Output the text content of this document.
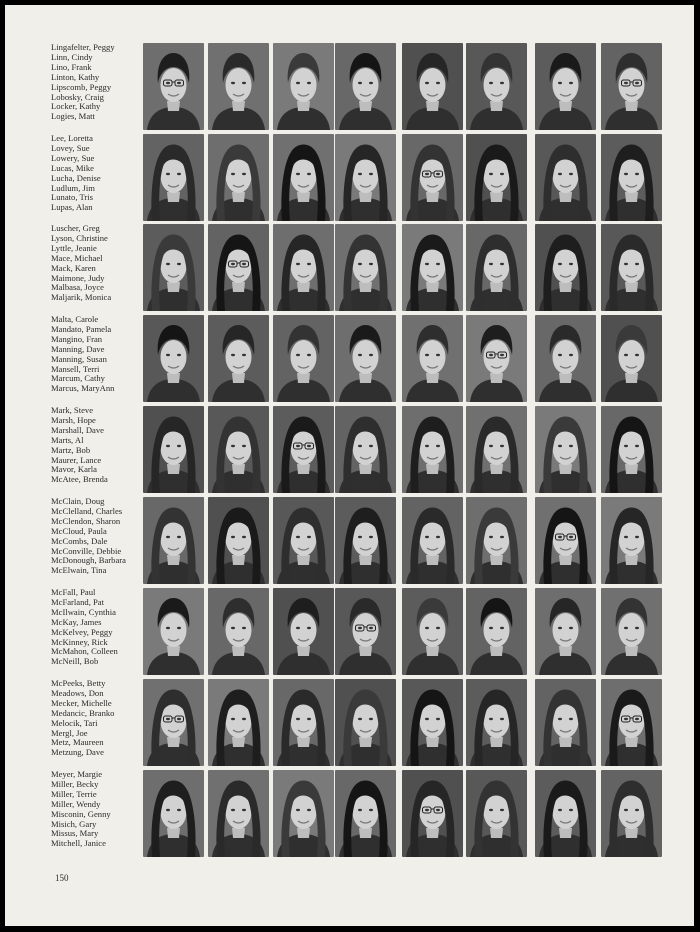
Lingafelter, Peggy
Linn, Cindy
Lino, Frank
Linton, Kathy
Lipscomb, Peggy
Lobosky, Craig
Locker, Kathy
Logies, Matt
Lee, Loretta
Lovey, Sue
Lowery, Sue
Lucas, Mike
Lucha, Denise
Ludlum, Jim
Lunato, Tris
Lupas, Alan
Luscher, Greg
Lyson, Christine
Lyttle, Jeanie
Mace, Michael
Mack, Karen
Maimone, Judy
Malbasa, Joyce
Maljarik, Monica
Malta, Carole
Mandato, Pamela
Mangino, Fran
Manning, Dave
Manning, Susan
Mansell, Terri
Marcum, Cathy
Marcus, MaryAnn
Mark, Steve
Marsh, Hope
Marshall, Dave
Marts, Al
Martz, Bob
Maurer, Lance
Mavor, Karla
McAtee, Brenda
McClain, Doug
McClelland, Charles
McClendon, Sharon
McCloud, Paula
McCombs, Dale
McConville, Debbie
McDonough, Barbara
McElwain, Tina
McFall, Paul
McFarland, Pat
McIlwain, Cynthia
McKay, James
McKelvey, Peggy
McKinney, Rick
McMahon, Colleen
McNeill, Bob
McPeeks, Betty
Meadows, Don
Mecker, Michelle
Medancic, Branko
Melocik, Tari
Mergl, Joe
Metz, Maureen
Metzung, Dave
Meyer, Margie
Miller, Becky
Miller, Terrie
Miller, Wendy
Misconin, Genny
Misich, Gary
Missus, Mary
Mitchell, Janice
150
